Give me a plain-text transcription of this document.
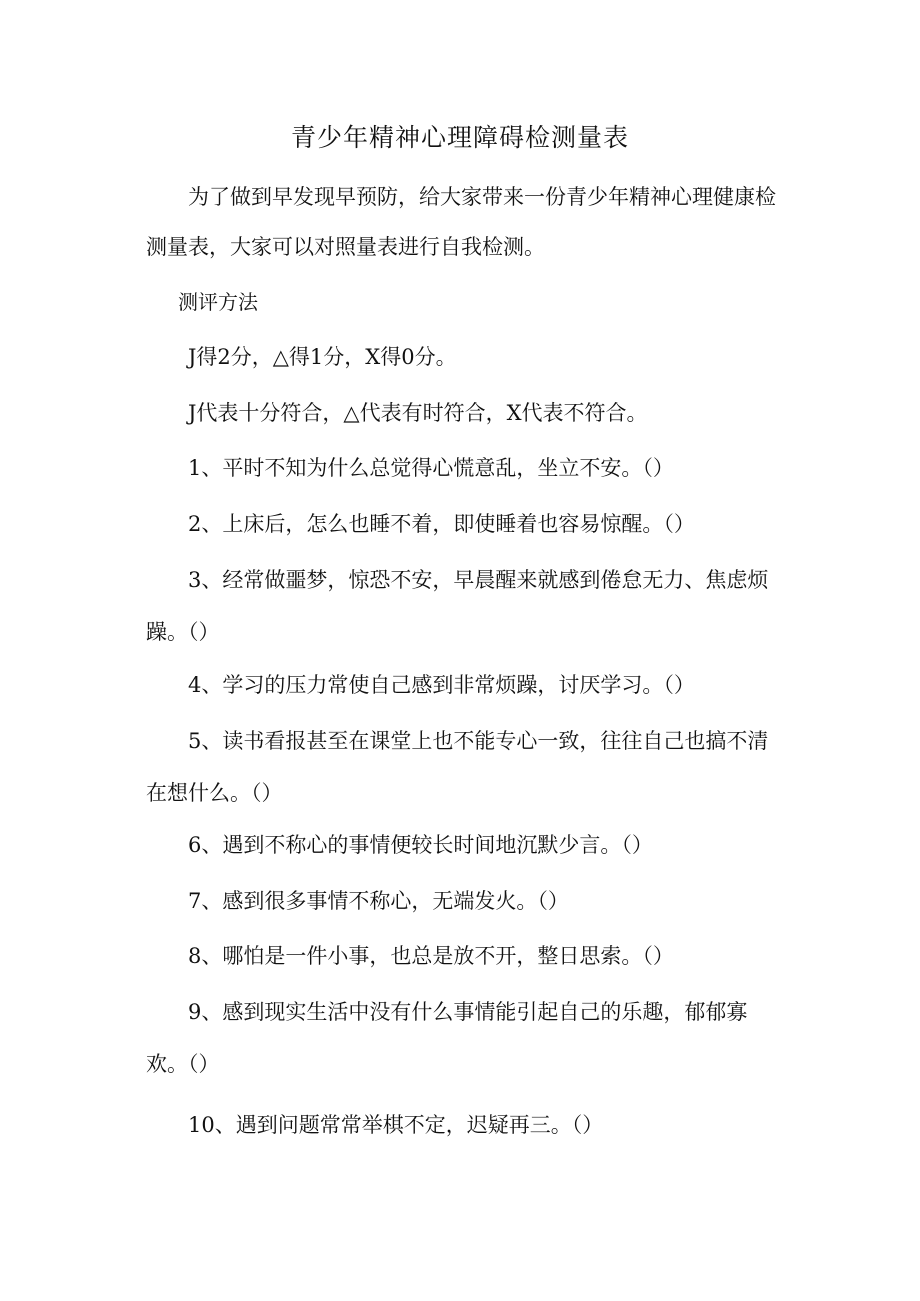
青少年精神心理障碍检测量表
为了做到早发现早预防，给大家带来一份青少年精神心理健康检测量表，大家可以对照量表进行自我检测。
测评方法
J得2分，△得1分，X得0分。
J代表十分符合，△代表有时符合，X代表不符合。
1、平时不知为什么总觉得心慌意乱，坐立不安。（）
2、上床后，怎么也睡不着，即使睡着也容易惊醒。（）
3、经常做噩梦，惊恐不安，早晨醒来就感到倦怠无力、焦虑烦躁。（）
4、学习的压力常使自己感到非常烦躁，讨厌学习。（）
5、读书看报甚至在课堂上也不能专心一致，往往自己也搞不清在想什么。（）
6、遇到不称心的事情便较长时间地沉默少言。（）
7、感到很多事情不称心，无端发火。（）
8、哪怕是一件小事，也总是放不开，整日思索。（）
9、感到现实生活中没有什么事情能引起自己的乐趣，郁郁寡欢。（）
10、遇到问题常常举棋不定，迟疑再三。（）
